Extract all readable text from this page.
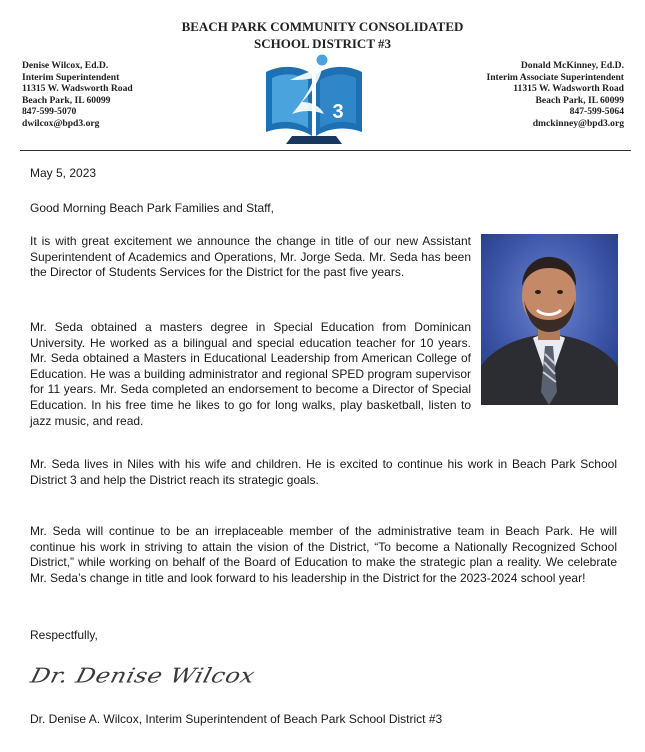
BEACH PARK COMMUNITY CONSOLIDATED
SCHOOL DISTRICT #3
Denise Wilcox, Ed.D.
Interim Superintendent
11315 W. Wadsworth Road
Beach Park, IL 60099
847-599-5070
dwilcox@bpd3.org
Donald McKinney, Ed.D.
Interim Associate Superintendent
11315 W. Wadsworth Road
Beach Park, IL 60099
847-599-5064
dmckinney@bpd3.org
3
May 5, 2023
Good Morning Beach Park Families and Staff,
It is with great excitement we announce the change in title of our new Assistant Superintendent of Academics and Operations, Mr. Jorge Seda. Mr. Seda has been the Director of Students Services for the District for the past five years.
Mr. Seda obtained a masters degree in Special Education from Dominican University. He worked as a bilingual and special education teacher for 10 years. Mr. Seda obtained a Masters in Educational Leadership from American College of Education. He was a building administrator and regional SPED program supervisor for 11 years. Mr. Seda completed an endorsement to become a Director of Special Education. In his free time he likes to go for long walks, play basketball, listen to jazz music, and read.
Mr. Seda lives in Niles with his wife and children. He is excited to continue his work in Beach Park School District 3 and help the District reach its strategic goals.
Mr. Seda will continue to be an irreplaceable member of the administrative team in Beach Park. He will continue his work in striving to attain the vision of the District, “To become a Nationally Recognized School District,” while working on behalf of the Board of Education to make the strategic plan a reality. We celebrate Mr. Seda’s change in title and look forward to his leadership in the District for the 2023-2024 school year!
Respectfully,
Dr. Denise Wilcox
Dr. Denise A. Wilcox, Interim Superintendent of Beach Park School District #3
